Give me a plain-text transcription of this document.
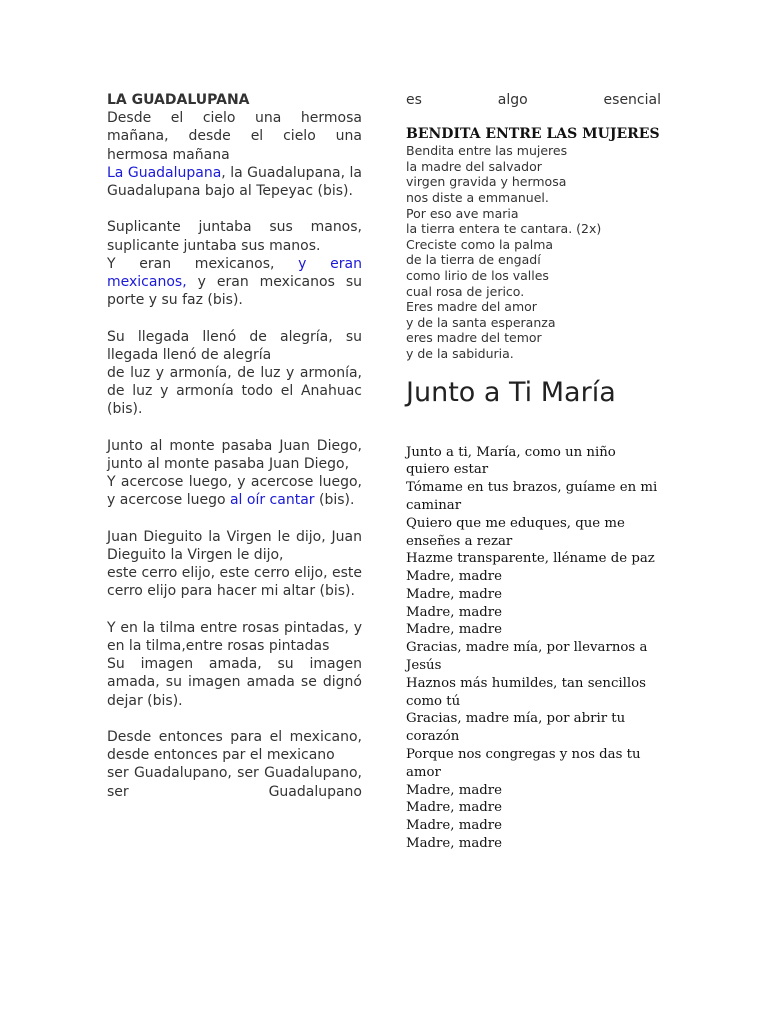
LA GUADALUPANA
Desde el cielo una hermosa mañana, desde el cielo una hermosa mañana
La Guadalupana, la Guadalupana, la Guadalupana bajo al Tepeyac (bis).
Suplicante juntaba sus manos, suplicante juntaba sus manos.
Y eran mexicanos, y eran mexicanos, y eran mexicanos su porte y su faz (bis).
Su llegada llenó de alegría, su llegada llenó de alegría
de luz y armonía, de luz y armonía, de luz y armonía todo el Anahuac (bis).
Junto al monte pasaba Juan Diego, junto al monte pasaba Juan Diego,
Y acercose luego, y acercose luego, y acercose luego al oír cantar (bis).
Juan Dieguito la Virgen le dijo, Juan Dieguito la Virgen le dijo,
este cerro elijo, este cerro elijo, este cerro elijo para hacer mi altar (bis).
Y en la tilma entre rosas pintadas, y en la tilma,entre rosas pintadas
Su imagen amada, su imagen amada, su imagen amada se dignó dejar (bis).
Desde entonces para el mexicano, desde entonces par el mexicano
ser Guadalupano, ser Guadalupano, ser Guadalupano
es algo esencial
BENDITA ENTRE LAS MUJERES
Bendita entre las mujeres
la madre del salvador
virgen gravida y hermosa
nos diste a emmanuel.
Por eso ave maria
la tierra entera te cantara. (2x)
Creciste como la palma
de la tierra de engadí
como lirio de los valles
cual rosa de jerico.
Eres madre del amor
y de la santa esperanza
eres madre del temor
y de la sabiduria.
Junto a Ti María
Junto a ti, María, como un niño quiero estar
Tómame en tus brazos, guíame en mi caminar
Quiero que me eduques, que me enseñes a rezar
Hazme transparente, lléname de paz
Madre, madre
Madre, madre
Madre, madre
Madre, madre
Gracias, madre mía, por llevarnos a Jesús
Haznos más humildes, tan sencillos como tú
Gracias, madre mía, por abrir tu corazón
Porque nos congregas y nos das tu amor
Madre, madre
Madre, madre
Madre, madre
Madre, madre
